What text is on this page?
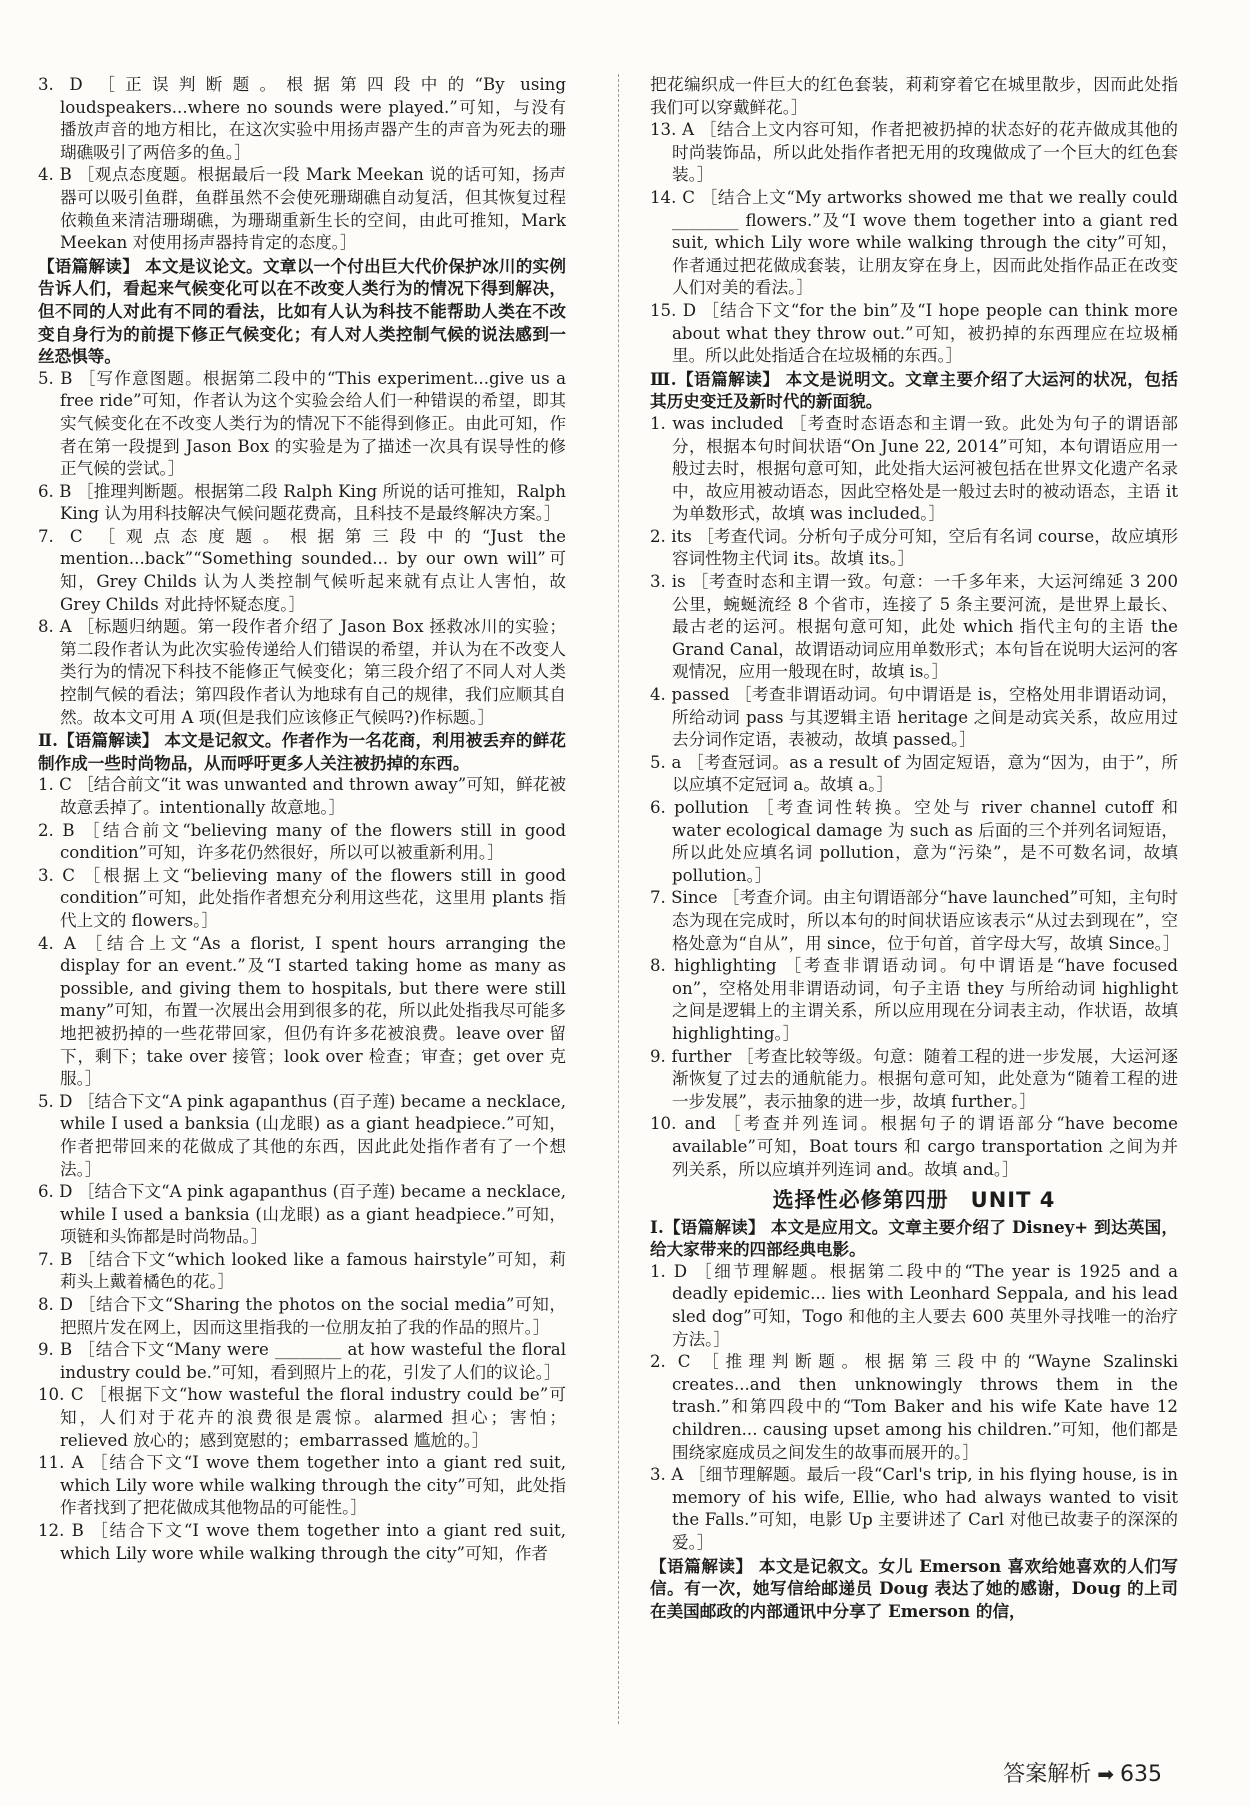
3. D ［正误判断题。根据第四段中的“By using loudspeakers...where no sounds were played.”可知，与没有播放声音的地方相比，在这次实验中用扬声器产生的声音为死去的珊瑚礁吸引了两倍多的鱼。］

4. B ［观点态度题。根据最后一段 Mark Meekan 说的话可知，扬声器可以吸引鱼群，鱼群虽然不会使死珊瑚礁自动复活，但其恢复过程依赖鱼来清洁珊瑚礁，为珊瑚重新生长的空间，由此可推知，Mark Meekan 对使用扬声器持肯定的态度。］

【语篇解读】 本文是议论文。文章以一个付出巨大代价保护冰川的实例告诉人们，看起来气候变化可以在不改变人类行为的情况下得到解决，但不同的人对此有不同的看法，比如有人认为科技不能帮助人类在不改变自身行为的前提下修正气候变化；有人对人类控制气候的说法感到一丝恐惧等。

5. B ［写作意图题。根据第二段中的“This experiment...give us a free ride”可知，作者认为这个实验会给人们一种错误的希望，即其实气候变化在不改变人类行为的情况下不能得到修正。由此可知，作者在第一段提到 Jason Box 的实验是为了描述一次具有误导性的修正气候的尝试。］

6. B ［推理判断题。根据第二段 Ralph King 所说的话可推知，Ralph King 认为用科技解决气候问题花费高，且科技不是最终解决方案。］

7. C ［观点态度题。根据第三段中的“Just the mention...back”“Something sounded... by our own will”可知，Grey Childs 认为人类控制气候听起来就有点让人害怕，故 Grey Childs 对此持怀疑态度。］

8. A ［标题归纳题。第一段作者介绍了 Jason Box 拯救冰川的实验；第二段作者认为此次实验传递给人们错误的希望，并认为在不改变人类行为的情况下科技不能修正气候变化；第三段介绍了不同人对人类控制气候的看法；第四段作者认为地球有自己的规律，我们应顺其自然。故本文可用 A 项(但是我们应该修正气候吗?)作标题。］

Ⅱ.【语篇解读】 本文是记叙文。作者作为一名花商，利用被丢弃的鲜花制作成一些时尚物品，从而呼吁更多人关注被扔掉的东西。

1. C ［结合前文“it was unwanted and thrown away”可知，鲜花被故意丢掉了。intentionally 故意地。］

2. B ［结合前文“believing many of the flowers still in good condition”可知，许多花仍然很好，所以可以被重新利用。］

3. C ［根据上文“believing many of the flowers still in good condition”可知，此处指作者想充分利用这些花，这里用 plants 指代上文的 flowers。］

4. A ［结合上文“As a florist, I spent hours arranging the display for an event.”及“I started taking home as many as possible, and giving them to hospitals, but there were still many”可知，布置一次展出会用到很多的花，所以此处指我尽可能多地把被扔掉的一些花带回家，但仍有许多花被浪费。leave over 留下，剩下；take over 接管；look over 检查；审查；get over 克服。］

5. D ［结合下文“A pink agapanthus (百子莲) became a necklace, while I used a banksia (山龙眼) as a giant headpiece.”可知，作者把带回来的花做成了其他的东西，因此此处指作者有了一个想法。］

6. D ［结合下文“A pink agapanthus (百子莲) became a necklace, while I used a banksia (山龙眼) as a giant headpiece.”可知，项链和头饰都是时尚物品。］

7. B ［结合下文“which looked like a famous hairstyle”可知，莉莉头上戴着橘色的花。］

8. D ［结合下文“Sharing the photos on the social media”可知，把照片发在网上，因而这里指我的一位朋友拍了我的作品的照片。］

9. B ［结合下文“Many were ________ at how wasteful the floral industry could be.”可知，看到照片上的花，引发了人们的议论。］

10. C ［根据下文“how wasteful the floral industry could be”可知，人们对于花卉的浪费很是震惊。alarmed 担心；害怕；relieved 放心的；感到宽慰的；embarrassed 尴尬的。］

11. A ［结合下文“I wove them together into a giant red suit, which Lily wore while walking through the city”可知，此处指作者找到了把花做成其他物品的可能性。］

12. B ［结合下文“I wove them together into a giant red suit, which Lily wore while walking through the city”可知，作者

把花编织成一件巨大的红色套装，莉莉穿着它在城里散步，因而此处指我们可以穿戴鲜花。］

13. A ［结合上文内容可知，作者把被扔掉的状态好的花卉做成其他的时尚装饰品，所以此处指作者把无用的玫瑰做成了一个巨大的红色套装。］

14. C ［结合上文“My artworks showed me that we really could ________ flowers.”及“I wove them together into a giant red suit, which Lily wore while walking through the city”可知，作者通过把花做成套装，让朋友穿在身上，因而此处指作品正在改变人们对美的看法。］

15. D ［结合下文“for the bin”及“I hope people can think more about what they throw out.”可知，被扔掉的东西理应在垃圾桶里。所以此处指适合在垃圾桶的东西。］

Ⅲ.【语篇解读】 本文是说明文。文章主要介绍了大运河的状况，包括其历史变迁及新时代的新面貌。

1. was included ［考查时态语态和主谓一致。此处为句子的谓语部分，根据本句时间状语“On June 22, 2014”可知，本句谓语应用一般过去时，根据句意可知，此处指大运河被包括在世界文化遗产名录中，故应用被动语态，因此空格处是一般过去时的被动语态，主语 it 为单数形式，故填 was included。］

2. its ［考查代词。分析句子成分可知，空后有名词 course，故应填形容词性物主代词 its。故填 its。］

3. is ［考查时态和主谓一致。句意：一千多年来，大运河绵延 3 200 公里，蜿蜒流经 8 个省市，连接了 5 条主要河流，是世界上最长、最古老的运河。根据句意可知，此处 which 指代主句的主语 the Grand Canal，故谓语动词应用单数形式；本句旨在说明大运河的客观情况，应用一般现在时，故填 is。］

4. passed ［考查非谓语动词。句中谓语是 is，空格处用非谓语动词，所给动词 pass 与其逻辑主语 heritage 之间是动宾关系，故应用过去分词作定语，表被动，故填 passed。］

5. a ［考查冠词。as a result of 为固定短语，意为“因为，由于”，所以应填不定冠词 a。故填 a。］

6. pollution ［考查词性转换。空处与 river channel cutoff 和 water ecological damage 为 such as 后面的三个并列名词短语，所以此处应填名词 pollution，意为“污染”，是不可数名词，故填 pollution。］

7. Since ［考查介词。由主句谓语部分“have launched”可知，主句时态为现在完成时，所以本句的时间状语应该表示“从过去到现在”，空格处意为“自从”，用 since，位于句首，首字母大写，故填 Since。］

8. highlighting ［考查非谓语动词。句中谓语是“have focused on”，空格处用非谓语动词，句子主语 they 与所给动词 highlight 之间是逻辑上的主谓关系，所以应用现在分词表主动，作状语，故填 highlighting。］

9. further ［考查比较等级。句意：随着工程的进一步发展，大运河逐渐恢复了过去的通航能力。根据句意可知，此处意为“随着工程的进一步发展”，表示抽象的进一步，故填 further。］

10. and ［考查并列连词。根据句子的谓语部分“have become available”可知，Boat tours 和 cargo transportation 之间为并列关系，所以应填并列连词 and。故填 and。］

选择性必修第四册　UNIT 4

Ⅰ.【语篇解读】 本文是应用文。文章主要介绍了 Disney+ 到达英国，给大家带来的四部经典电影。

1. D ［细节理解题。根据第二段中的“The year is 1925 and a deadly epidemic... lies with Leonhard Seppala, and his lead sled dog”可知，Togo 和他的主人要去 600 英里外寻找唯一的治疗方法。］

2. C ［推理判断题。根据第三段中的“Wayne Szalinski creates...and then unknowingly throws them in the trash.”和第四段中的“Tom Baker and his wife Kate have 12 children... causing upset among his children.”可知，他们都是围绕家庭成员之间发生的故事而展开的。］

3. A ［细节理解题。最后一段“Carl's trip, in his flying house, is in memory of his wife, Ellie, who had always wanted to visit the Falls.”可知，电影 Up 主要讲述了 Carl 对他已故妻子的深深的爱。］

【语篇解读】 本文是记叙文。女儿 Emerson 喜欢给她喜欢的人们写信。有一次，她写信给邮递员 Doug 表达了她的感谢，Doug 的上司在美国邮政的内部通讯中分享了 Emerson 的信，

答案解析 ➡ 635
